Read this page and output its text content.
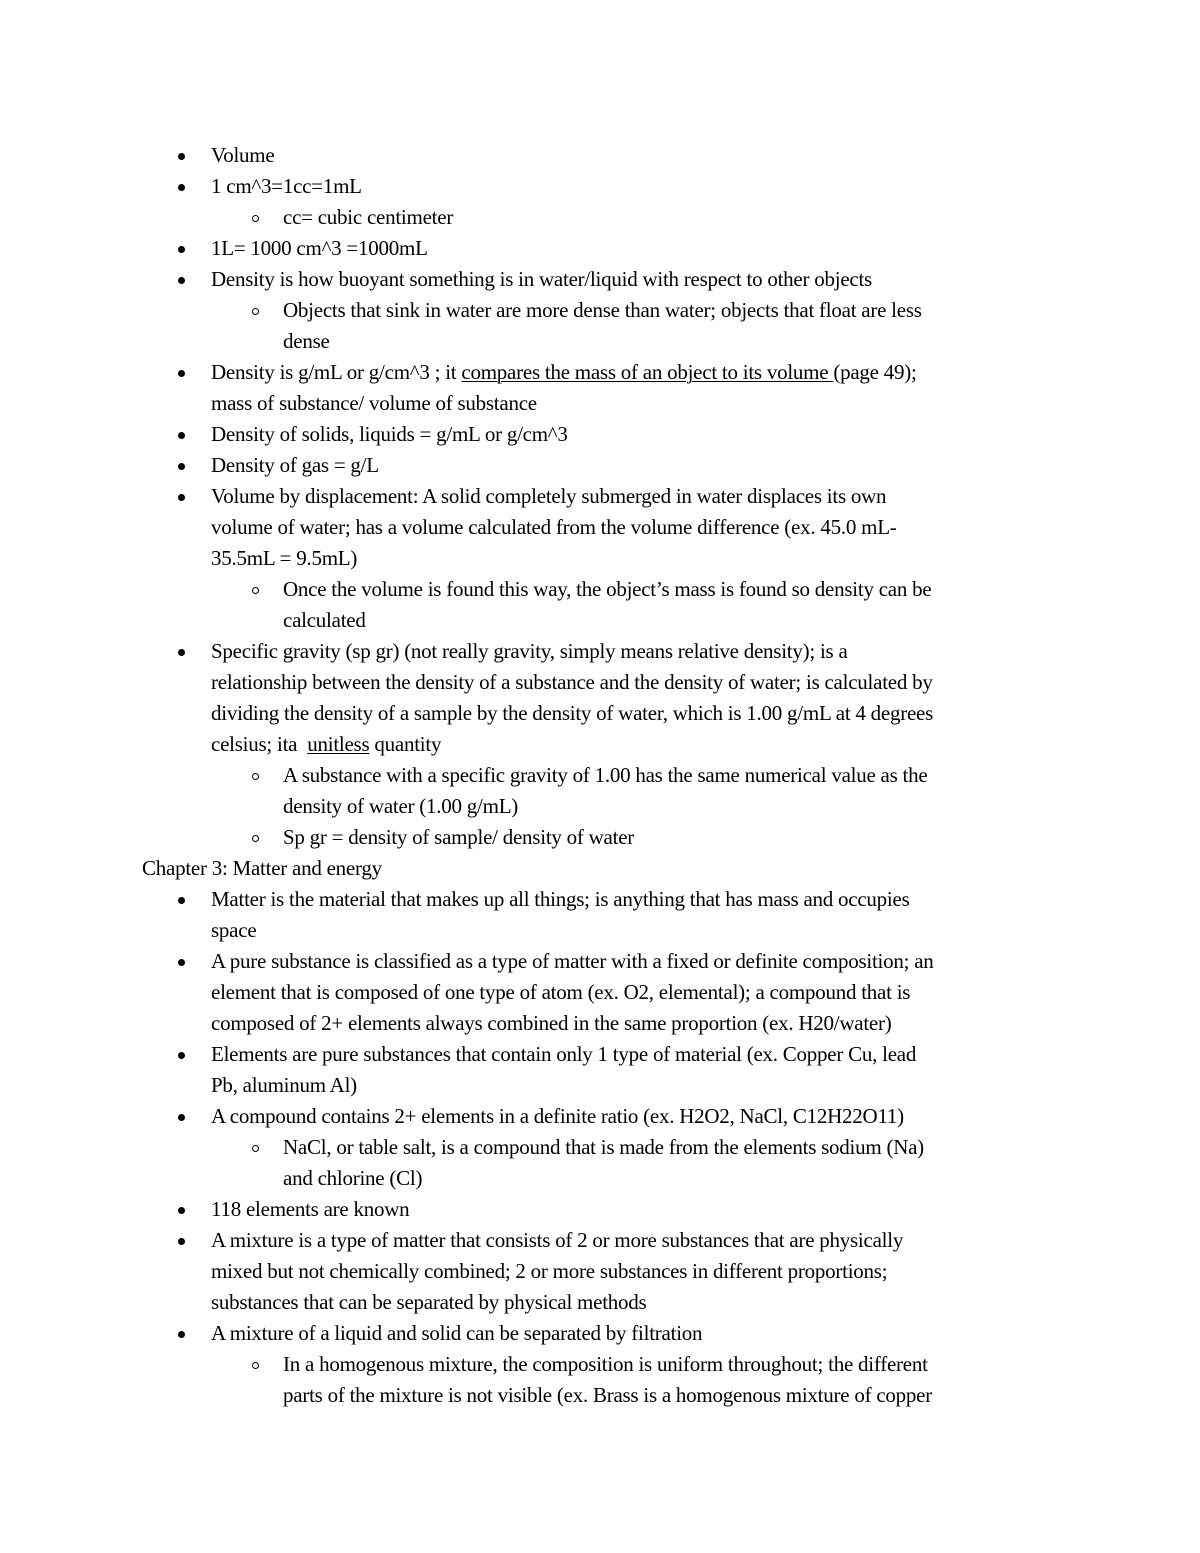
Volume
1 cm^3=1cc=1mL
cc= cubic centimeter
1L= 1000 cm^3 =1000mL
Density is how buoyant something is in water/liquid with respect to other objects
Objects that sink in water are more dense than water; objects that float are less
dense
Density is g/mL or g/cm^3 ; it compares the mass of an object to its volume (page 49);
mass of substance/ volume of substance
Density of solids, liquids = g/mL or g/cm^3
Density of gas = g/L
Volume by displacement: A solid completely submerged in water displaces its own
volume of water; has a volume calculated from the volume difference (ex. 45.0 mL-
35.5mL = 9.5mL)
Once the volume is found this way, the object’s mass is found so density can be
calculated
Specific gravity (sp gr) (not really gravity, simply means relative density); is a
relationship between the density of a substance and the density of water; is calculated by
dividing the density of a sample by the density of water, which is 1.00 g/mL at 4 degrees
celsius; ita  unitless quantity
A substance with a specific gravity of 1.00 has the same numerical value as the
density of water (1.00 g/mL)
Sp gr = density of sample/ density of water
Chapter 3: Matter and energy
Matter is the material that makes up all things; is anything that has mass and occupies
space
A pure substance is classified as a type of matter with a fixed or definite composition; an
element that is composed of one type of atom (ex. O2, elemental); a compound that is
composed of 2+ elements always combined in the same proportion (ex. H20/water)
Elements are pure substances that contain only 1 type of material (ex. Copper Cu, lead
Pb, aluminum Al)
A compound contains 2+ elements in a definite ratio (ex. H2O2, NaCl, C12H22O11)
NaCl, or table salt, is a compound that is made from the elements sodium (Na)
and chlorine (Cl)
118 elements are known
A mixture is a type of matter that consists of 2 or more substances that are physically
mixed but not chemically combined; 2 or more substances in different proportions;
substances that can be separated by physical methods
A mixture of a liquid and solid can be separated by filtration
In a homogenous mixture, the composition is uniform throughout; the different
parts of the mixture is not visible (ex. Brass is a homogenous mixture of copper
